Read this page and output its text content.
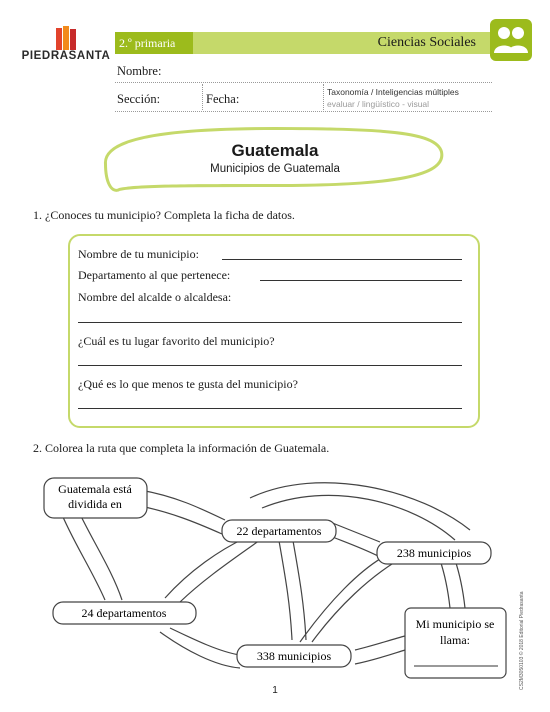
PIEDRASANTA
2.º primaria	Ciencias Sociales
Nombre:
Sección:	Fecha:	Taxonomía / Inteligencias múltiples
evaluar / lingüístico - visual
Guatemala
Municipios de Guatemala
1. ¿Conoces tu municipio? Completa la ficha de datos.
Nombre de tu municipio:
Departamento al que pertenece:
Nombre del alcalde o alcaldesa:
¿Cuál es tu lugar favorito del municipio?
¿Qué es lo que menos te gusta del municipio?
2. Colorea la ruta que completa la información de Guatemala.
Guatemala está
dividida en
22 departamentos
238 municipios
24 departamentos
338 municipios
Mi municipio se
llama:
1
CS2M3050103 © 2018 Editorial Piedrasanta
